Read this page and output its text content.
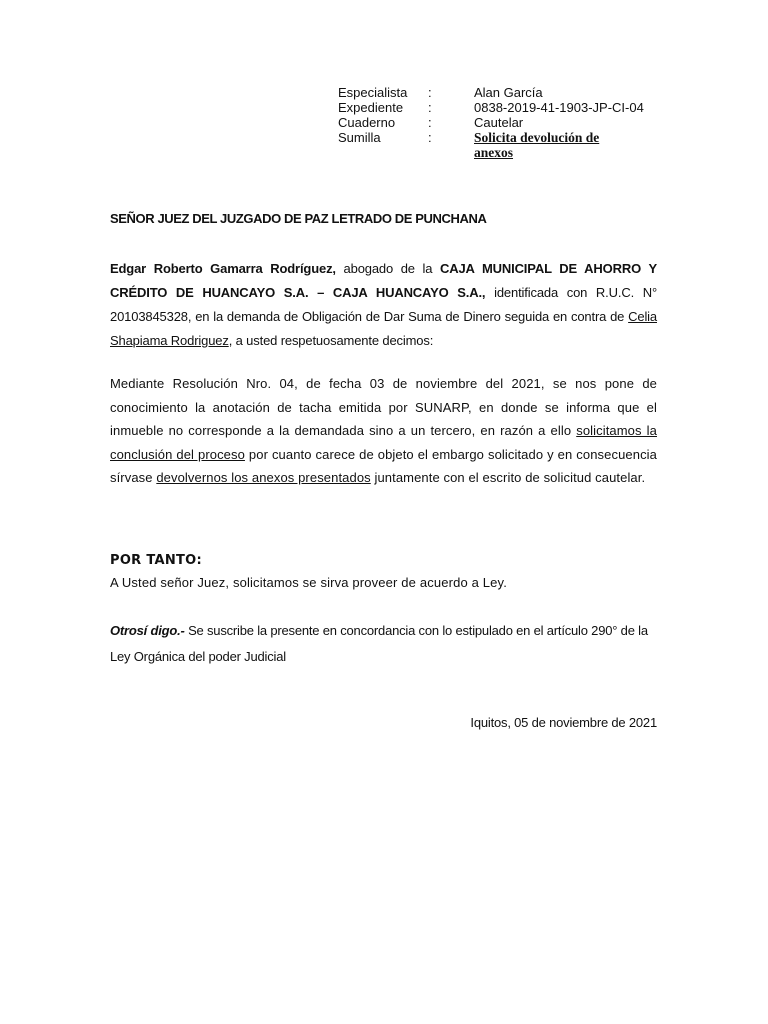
Especialista :	Alan García
Expediente :	0838-2019-41-1903-JP-CI-04
Cuaderno	:	Cautelar
Sumilla	:	Solicita devolución de
anexos
SEÑOR JUEZ DEL JUZGADO DE PAZ LETRADO DE PUNCHANA
Edgar Roberto Gamarra Rodríguez, abogado de la CAJA MUNICIPAL DE AHORRO Y CRÉDITO DE HUANCAYO S.A. – CAJA HUANCAYO S.A., identificada con R.U.C. N° 20103845328, en la demanda de Obligación de Dar Suma de Dinero seguida en contra de Celia Shapiama Rodriguez, a usted respetuosamente decimos:
Mediante Resolución Nro. 04, de fecha 03 de noviembre del 2021, se nos pone de conocimiento la anotación de tacha emitida por SUNARP, en donde se informa que el inmueble no corresponde a la demandada sino a un tercero, en razón a ello solicitamos la conclusión del proceso por cuanto carece de objeto el embargo solicitado y en consecuencia sírvase devolvernos los anexos presentados juntamente con el escrito de solicitud cautelar.
POR TANTO:
A Usted señor Juez, solicitamos se sirva proveer de acuerdo a Ley.
Otrosí digo.- Se suscribe la presente en concordancia con lo estipulado en el artículo 290° de la Ley Orgánica del poder Judicial
Iquitos, 05 de noviembre de 2021
